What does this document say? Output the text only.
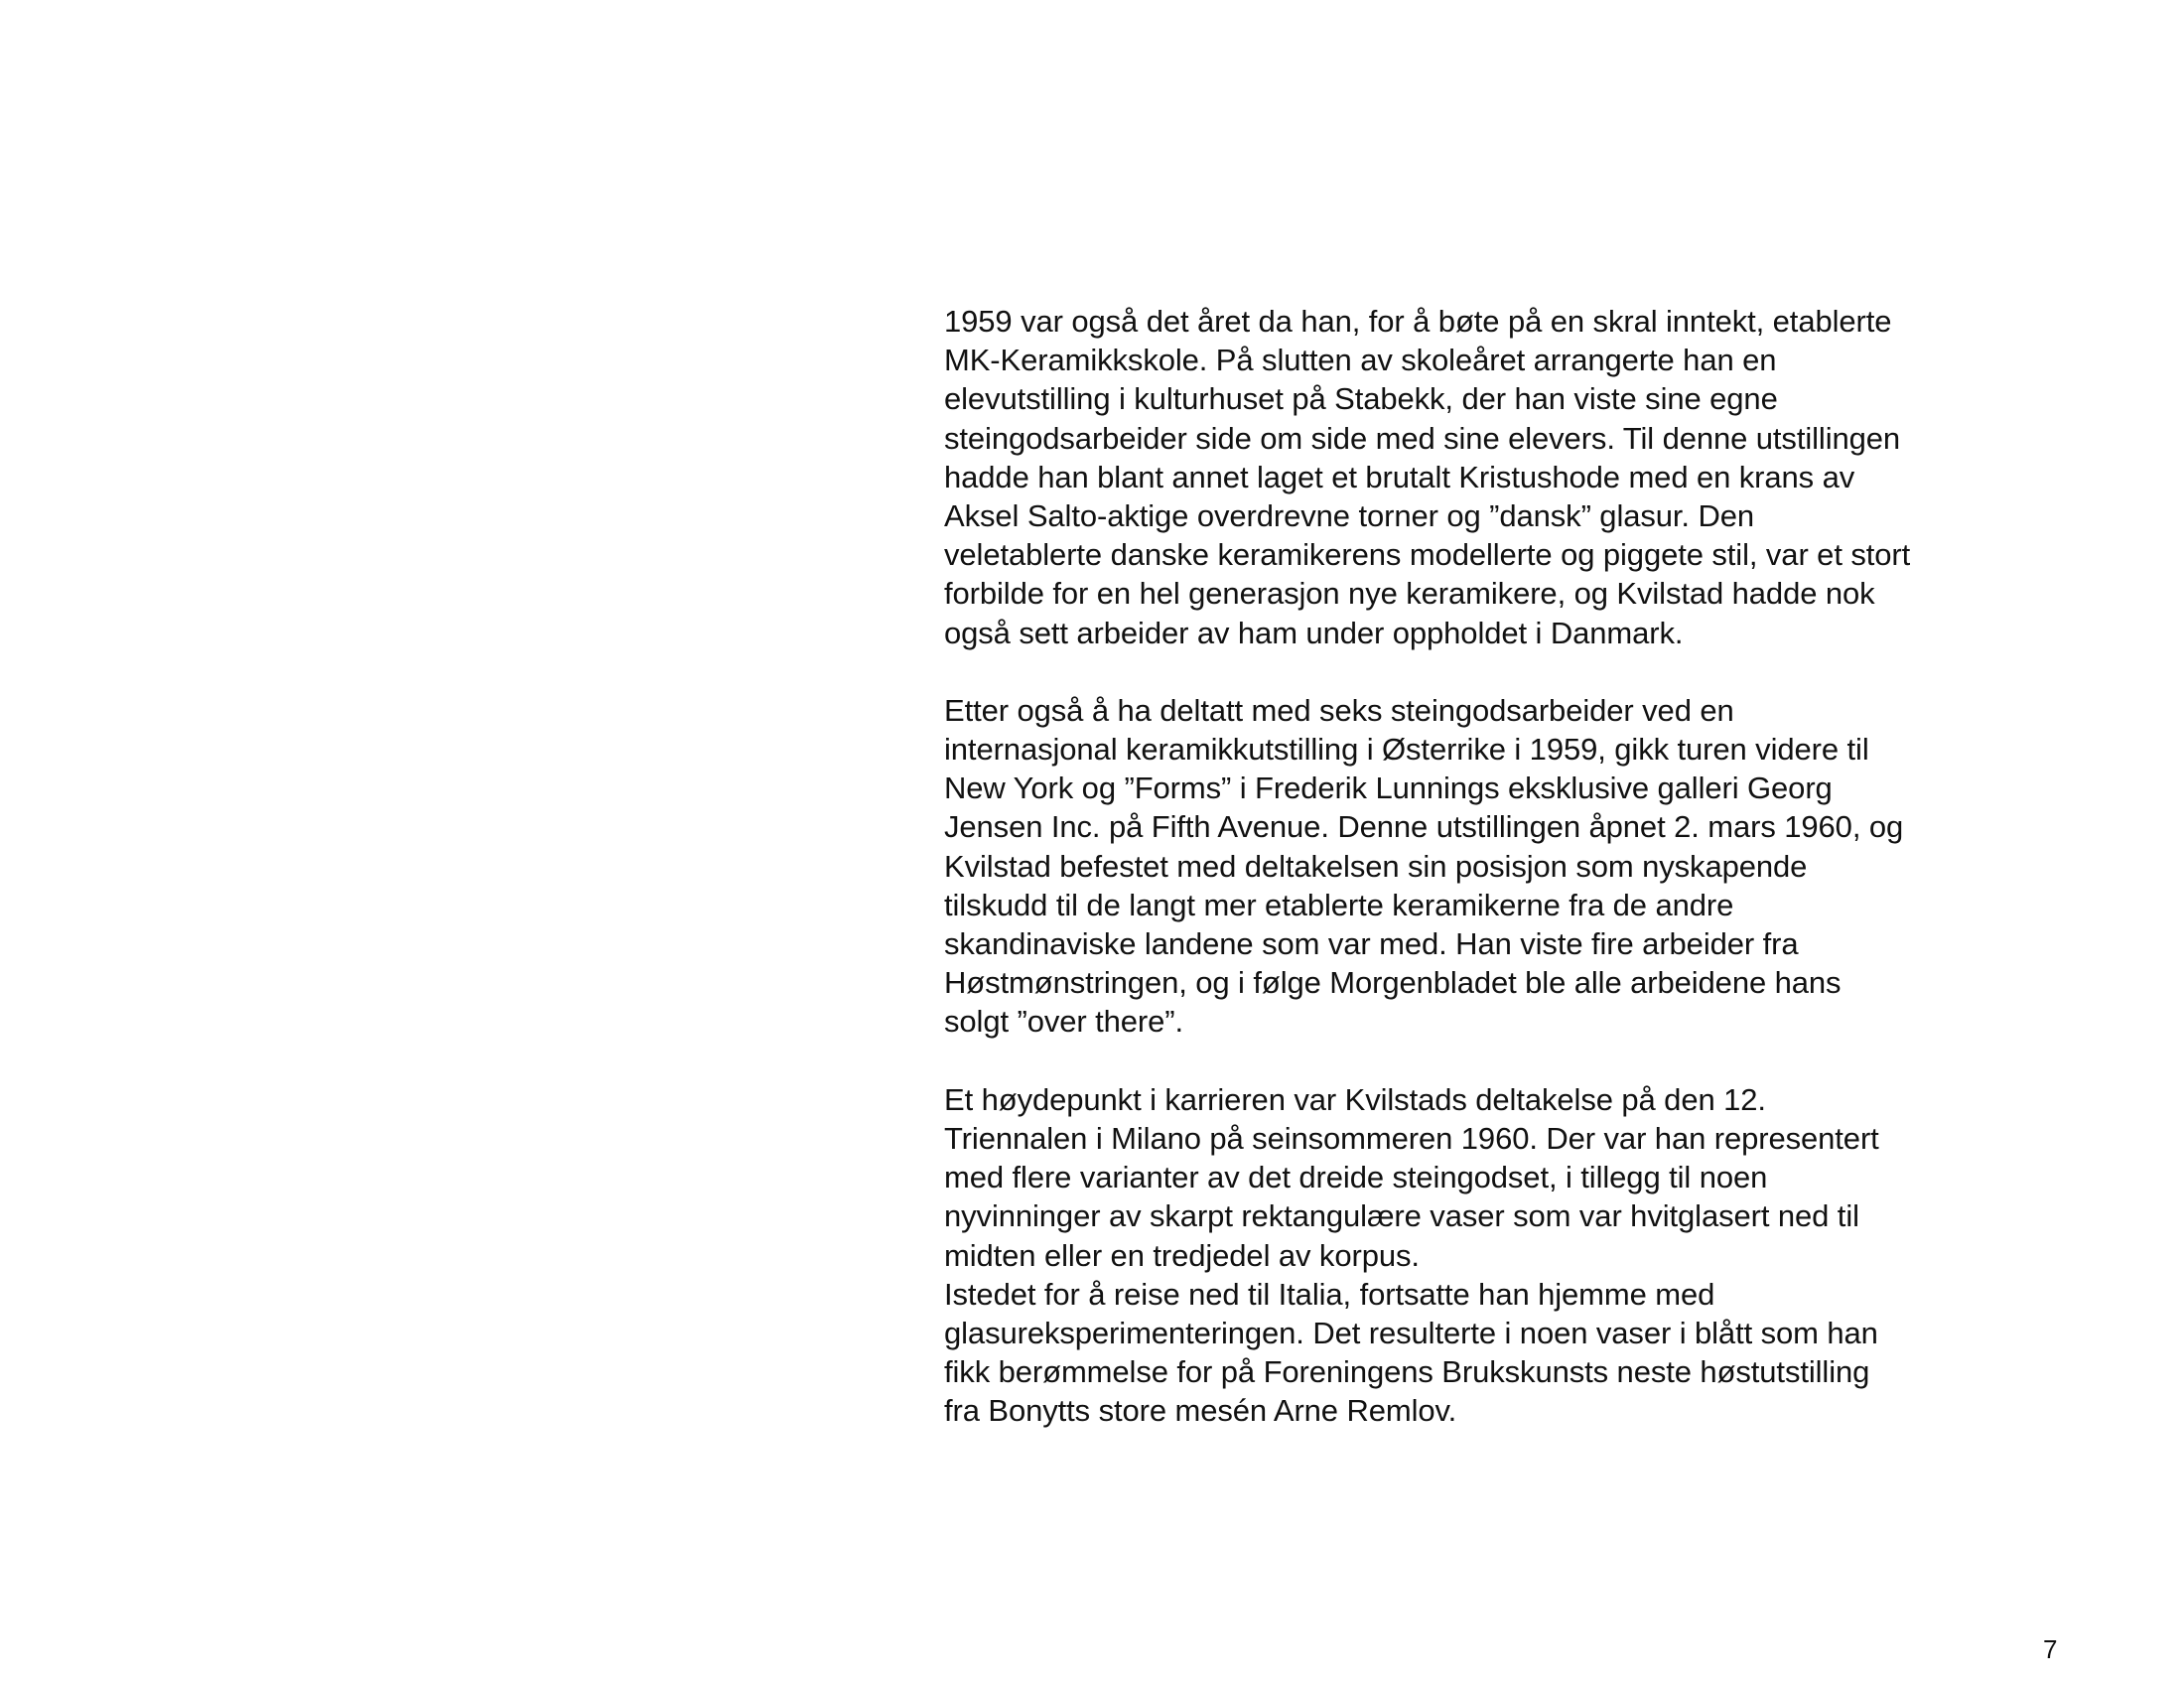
1959 var også det året da han, for å bøte på en skral inntekt, etablerte
MK-Keramikkskole. På slutten av skoleåret arrangerte han en
elevutstilling i kulturhuset på Stabekk, der han viste sine egne
steingodsarbeider side om side med sine elevers. Til denne utstillingen
hadde han blant annet laget et brutalt Kristushode med en krans av
Aksel Salto-aktige overdrevne torner og ”dansk” glasur. Den
veletablerte danske keramikerens modellerte og piggete stil, var et stort
forbilde for en hel generasjon nye keramikere, og Kvilstad hadde nok
også sett arbeider av ham under oppholdet i Danmark.

Etter også å ha deltatt med seks steingodsarbeider ved en
internasjonal keramikkutstilling i Østerrike i 1959, gikk turen videre til
New York og ”Forms” i Frederik Lunnings eksklusive galleri Georg
Jensen Inc. på Fifth Avenue. Denne utstillingen åpnet 2. mars 1960, og
Kvilstad befestet med deltakelsen sin posisjon som nyskapende
tilskudd til de langt mer etablerte keramikerne fra de andre
skandinaviske landene som var med. Han viste fire arbeider fra
Høstmønstringen, og i følge Morgenbladet ble alle arbeidene hans
solgt ”over there”.

Et høydepunkt i karrieren var Kvilstads deltakelse på den 12.
Triennalen i Milano på seinsommeren 1960. Der var han representert
med flere varianter av det dreide steingodset, i tillegg til noen
nyvinninger av skarpt rektangulære vaser som var hvitglasert ned til
midten eller en tredjedel av korpus.
Istedet for å reise ned til Italia, fortsatte han hjemme med
glasureksperimenteringen. Det resulterte i noen vaser i blått som han
fikk berømmelse for på Foreningens Brukskunsts neste høstutstilling
fra Bonytts store mesén Arne Remlov.

7
